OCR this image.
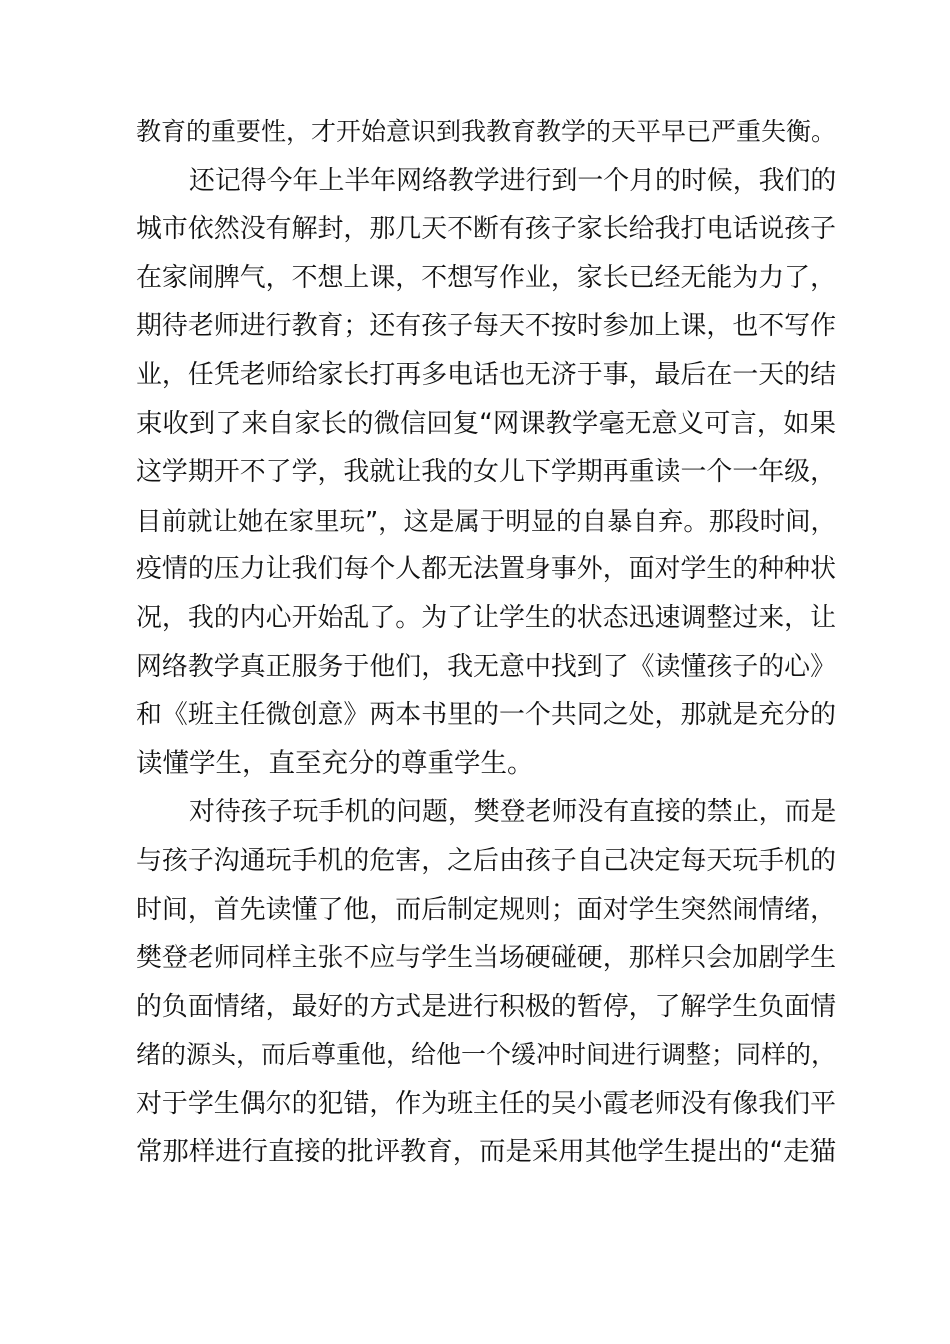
教育的重要性，才开始意识到我教育教学的天平早已严重失衡。
还记得今年上半年网络教学进行到一个月的时候，我们的
城市依然没有解封，那几天不断有孩子家长给我打电话说孩子
在家闹脾气，不想上课，不想写作业，家长已经无能为力了，
期待老师进行教育；还有孩子每天不按时参加上课，也不写作
业，任凭老师给家长打再多电话也无济于事，最后在一天的结
束收到了来自家长的微信回复“网课教学毫无意义可言，如果
这学期开不了学，我就让我的女儿下学期再重读一个一年级，
目前就让她在家里玩”，这是属于明显的自暴自弃。那段时间，
疫情的压力让我们每个人都无法置身事外，面对学生的种种状
况，我的内心开始乱了。为了让学生的状态迅速调整过来，让
网络教学真正服务于他们，我无意中找到了《读懂孩子的心》
和《班主任微创意》两本书里的一个共同之处，那就是充分的
读懂学生，直至充分的尊重学生。
对待孩子玩手机的问题，樊登老师没有直接的禁止，而是
与孩子沟通玩手机的危害，之后由孩子自己决定每天玩手机的
时间，首先读懂了他，而后制定规则；面对学生突然闹情绪，
樊登老师同样主张不应与学生当场硬碰硬，那样只会加剧学生
的负面情绪，最好的方式是进行积极的暂停，了解学生负面情
绪的源头，而后尊重他，给他一个缓冲时间进行调整；同样的，
对于学生偶尔的犯错，作为班主任的吴小霞老师没有像我们平
常那样进行直接的批评教育，而是采用其他学生提出的“走猫
